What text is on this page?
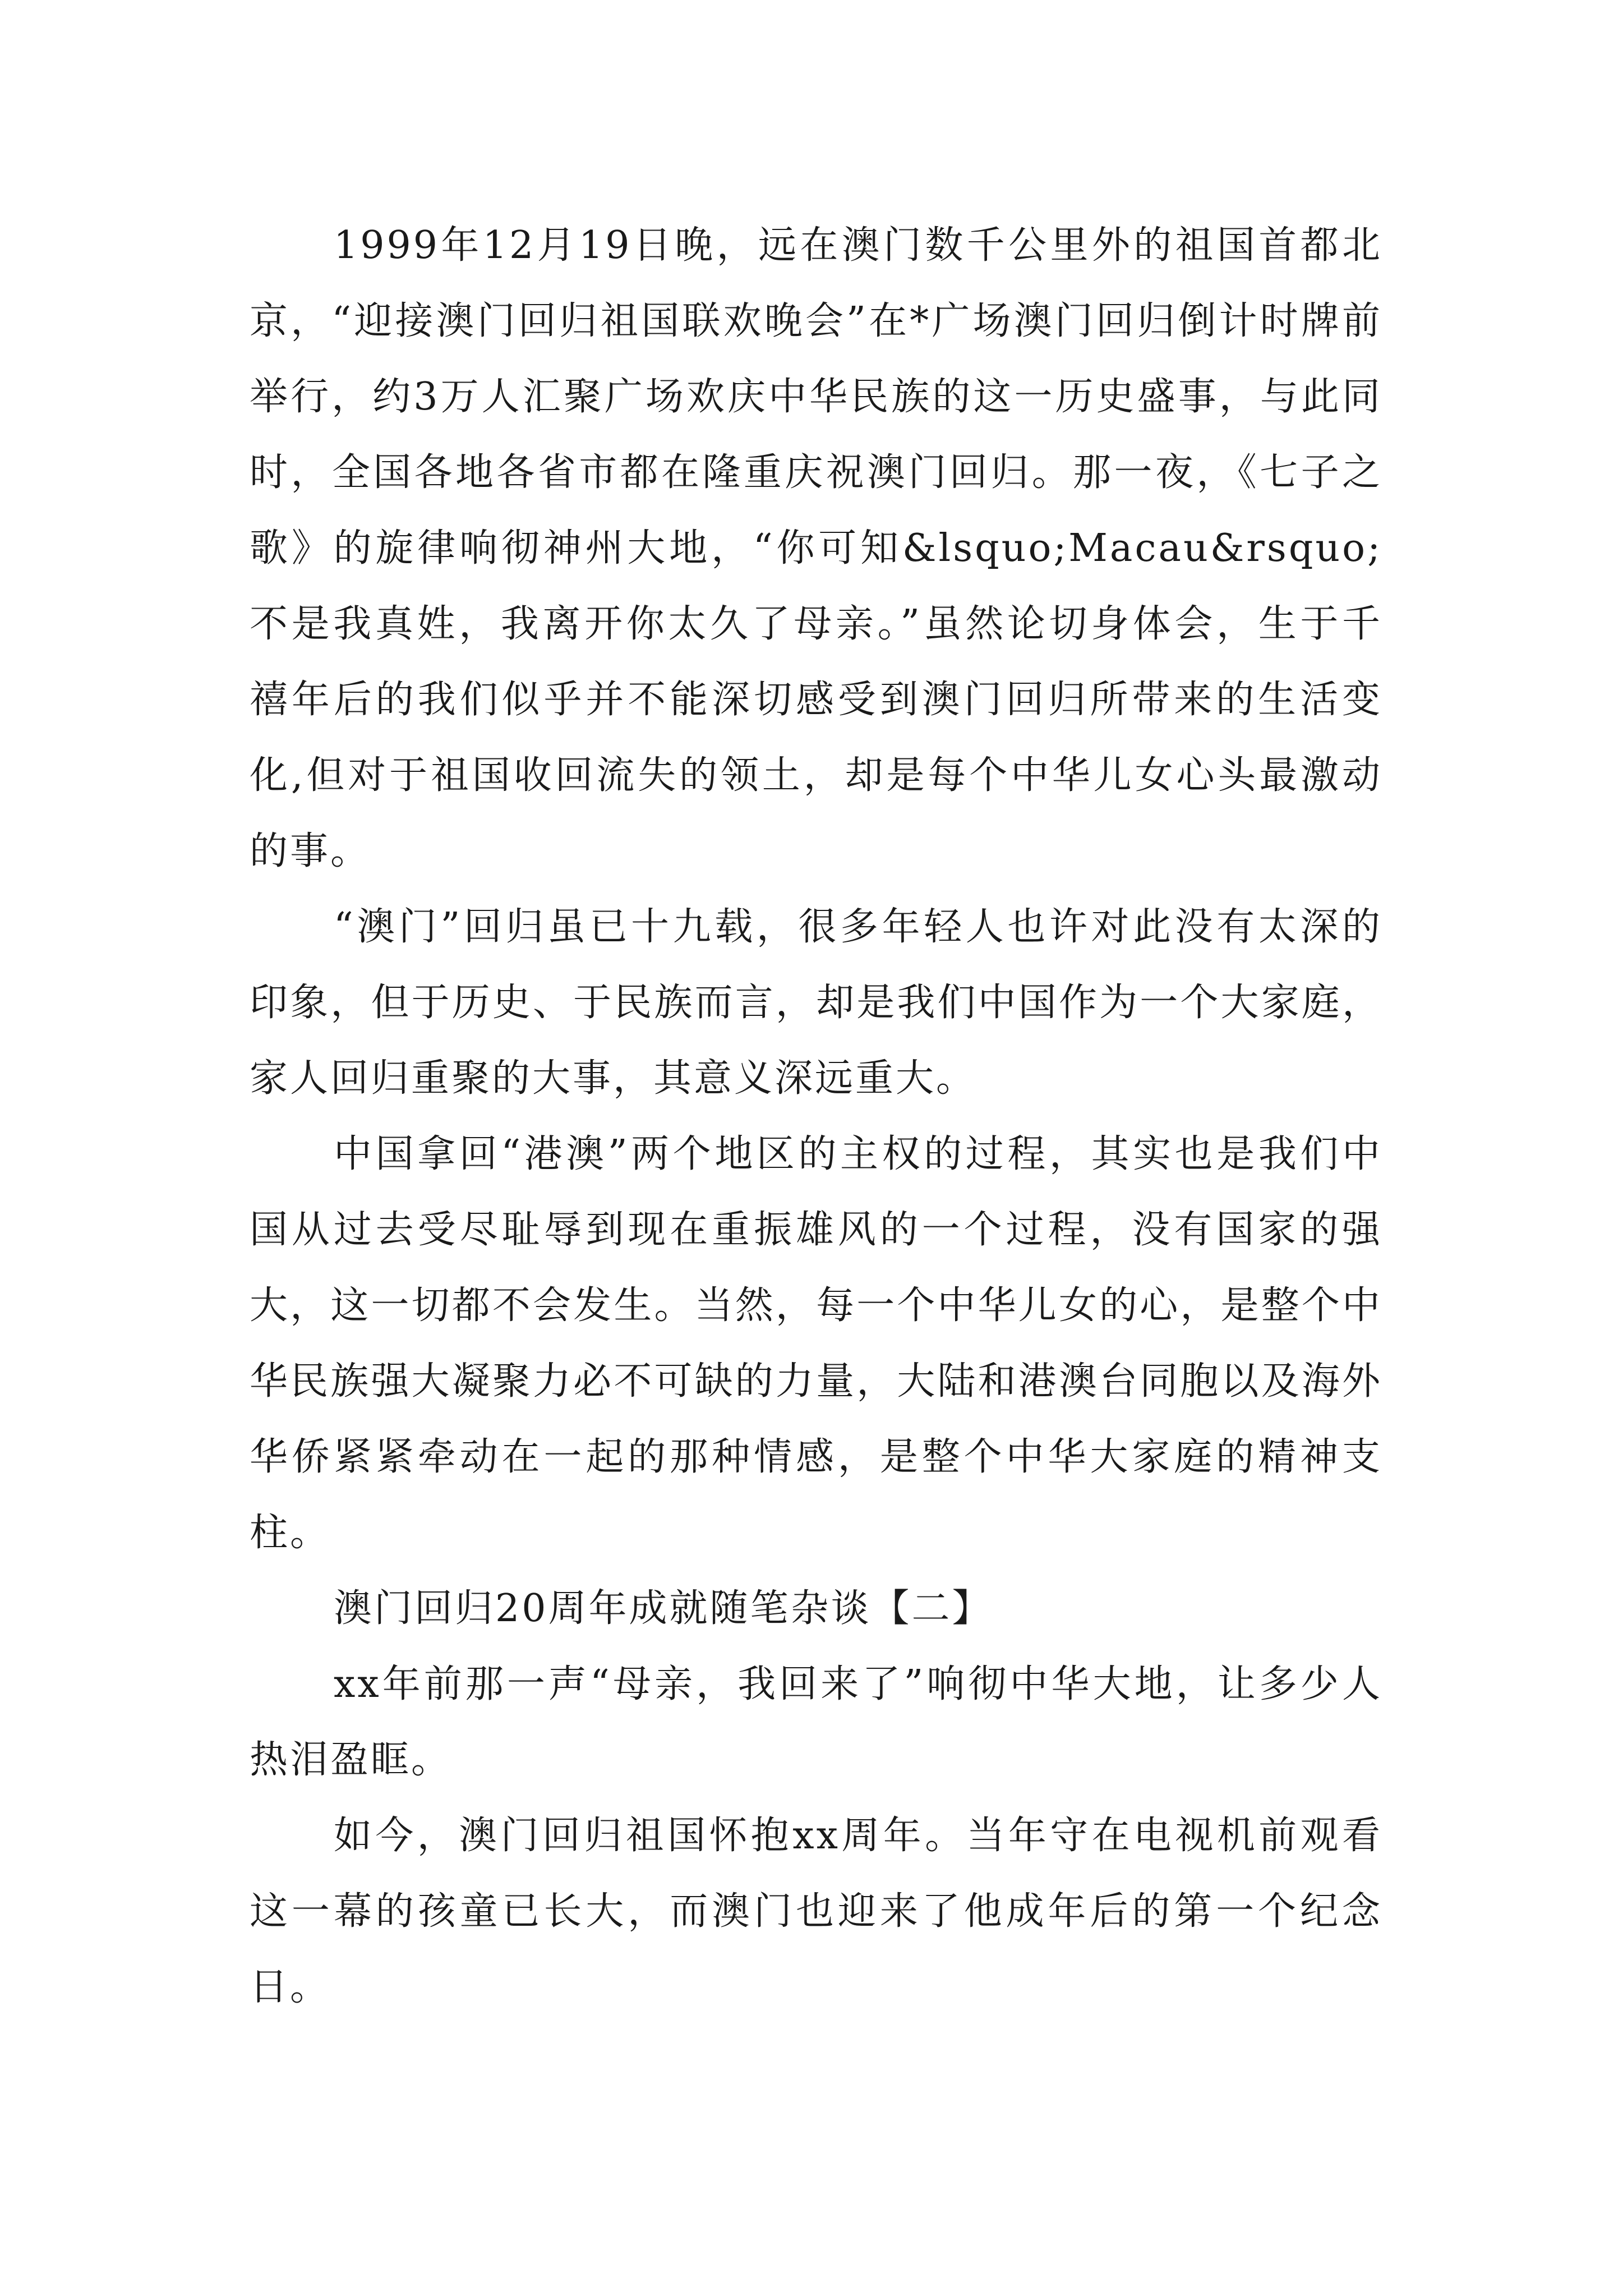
1999年12月19日晚，远在澳门数千公里外的祖国首都北京，“迎接澳门回归祖国联欢晚会”在*广场澳门回归倒计时牌前举行，约3万人汇聚广场欢庆中华民族的这一历史盛事，与此同时，全国各地各省市都在隆重庆祝澳门回归。那一夜，《七子之歌》的旋律响彻神州大地，“你可知&lsquo;Macau&rsquo;不是我真姓，我离开你太久了母亲。”虽然论切身体会，生于千禧年后的我们似乎并不能深切感受到澳门回归所带来的生活变化,但对于祖国收回流失的领土，却是每个中华儿女心头最激动的事。

“澳门”回归虽已十九载，很多年轻人也许对此没有太深的印象，但于历史、于民族而言，却是我们中国作为一个大家庭，家人回归重聚的大事，其意义深远重大。

中国拿回“港澳”两个地区的主权的过程，其实也是我们中国从过去受尽耻辱到现在重振雄风的一个过程，没有国家的强大，这一切都不会发生。当然，每一个中华儿女的心，是整个中华民族强大凝聚力必不可缺的力量，大陆和港澳台同胞以及海外华侨紧紧牵动在一起的那种情感，是整个中华大家庭的精神支柱。

澳门回归20周年成就随笔杂谈【二】

xx年前那一声“母亲，我回来了”响彻中华大地，让多少人热泪盈眶。

如今，澳门回归祖国怀抱xx周年。当年守在电视机前观看这一幕的孩童已长大，而澳门也迎来了他成年后的第一个纪念日。
